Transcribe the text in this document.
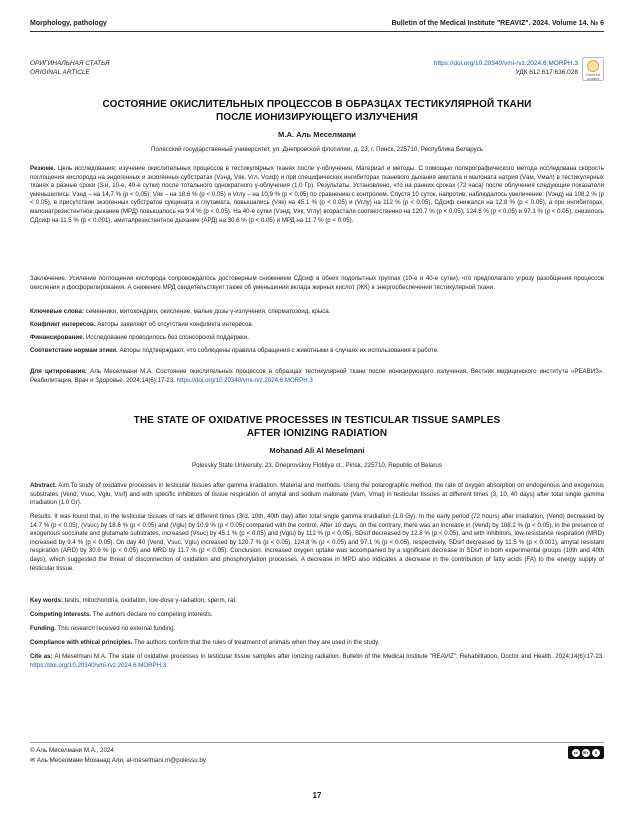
Morphology, pathology	Bulletin of the Medical Institute "REAVIZ". 2024. Volume 14. № 6
ОРИГИНАЛЬНАЯ СТАТЬЯ
ORIGINAL ARTICLE
https://doi.org/10.20340/vmi-rvz.2024.6.MORPH.3
УДК 612.617:636.028	Check for updates
СОСТОЯНИЕ ОКИСЛИТЕЛЬНЫХ ПРОЦЕССОВ В ОБРАЗЦАХ ТЕСТИКУЛЯРНОЙ ТКАНИ
ПОСЛЕ ИОНИЗИРУЮЩЕГО ИЗЛУЧЕНИЯ
М.А. Аль Меселмани
Полесский государственный университет, ул. Днепровской флотилии, д. 23, г. Пинск, 225710, Республика Беларусь

Резюме. Цель исследования: изучение окислительных процессов в тестикулярных тканях после γ-облучения. Материал и методы. С помощью полярографического метода исследована скорость поглощения кислорода на эндогенных и экзогенных субстратах (Vэнд, Vяк, Vгл, Vсиф) и при специфических ингибиторах тканевого дыхания амитала и малоната натрия (Vам, Vмал) в тестикулярных тканях в разные сроки (3-и, 10-е, 40-е сутки) после тотального однократного γ-облучения (1,0 Гр). Результаты. Установлено, что на ранних сроках (72 часа) после облучения следующие показатели уменьшились: Vэнд – на 14,7 % (p < 0,05); Vяк – на 18,6 % (p < 0,05) и Vглу – на 10,9 % (p < 0,05) по сравнению с контролем. Спустя 10 суток, напротив, наблюдалось увеличение: (Vэнд) на 108.2 % (p < 0.05), в присутствии экзогенных субстратов сукцината и глутамата, повышались (Vяк) на 45.1 % (p < 0.05) и (Vглу) на 112 % (p < 0.05), СДсиф снижался на 12.8 % (p < 0.05), а при ингибиторах, малонатрезистентное дыхание (МРД) повышалось на 9.4 % (p < 0.05). На 40-е сутки (Vэнд, Vяк, Vглу) возрастали соответственно на 120.7 % (p < 0.05), 124.8 % (p < 0.05) и 97.1 % (p < 0.05), снизилось СДсиф на 11.5 % (p < 0.001), амиталрезистентное дыхание (АРД) на 30.6 % (p < 0.05) и МРД на 11.7 % (p < 0.05).

Заключение. Усиление поглощения кислорода сопровождалось достоверным снижением СДсиф в обеих подопытных группах (10-е и 40-е сутки), что предполагало угрозу разобщения процессов окисления и фосфорилирования. А снижение МРД свидетельствует также об уменьшении вклада жирных кислот (ЖК) в энергообеспечении тестикулярной ткани.

Ключевые слова: семенники, митохондрии, окисление, малые дозы γ-излучения, сперматозоид, крыса.

Конфликт интересов. Авторы заявляют об отсутствии конфликта интересов.

Финансирование. Исследование проводилось без спонсорской поддержки.

Соответствие нормам этики. Авторы подтверждают, что соблюдены правила обращения с животными в случаях их использования в работе.

Для цитирования: Аль Меселмани М.А. Состояние окислительных процессов в образцах тестикулярной ткани после ионизирующего излучения. Вестник медицинского института «РЕАВИЗ»: Реабилитация, Врач и Здоровье. 2024;14(6):17-23. https://doi.org/10.20340/vmi-rvz.2024.6.MORPH.3

THE STATE OF OXIDATIVE PROCESSES IN TESTICULAR TISSUE SAMPLES
AFTER IONIZING RADIATION
Mohanad Ali Al Meselmani
Polessky State University, 23, Dneprovskoy Flotiliya st., Pinsk, 225710, Republic of Belarus

Abstract. Aim.To study of oxidative processes in testicular tissues after gamma irradiation. Material and methods. Using the polarographic method, the rate of oxygen absorption on endogenous and exogenous substrates (Vend, Vsuc, Vglu, Vsrf) and with specific inhibitors of tissue respiration of amytal and sodium malonate (Vam, Vmal) in testicular tissues at different times (3, 10, 40 days) after total single gamma irradiation (1.0 Gr).

Results. It was found that, in the testicular tissues of rats at different times (3rd, 10th, 40th day) after total single gamma irradiation (1.0 Gy). In the early period (72 hours) after irradiation, (Vend) decreased by 14.7 % (p < 0.05), (Vsuc) by 18.6 % (p < 0.05) and (Vglu) by 10.9 % (p < 0.05) compared with the control. After 10 days, on the contrary, there was an increase in (Vend) by 108.2 % (p < 0.05), in the presence of exogenous succinate and glutamate substrates, increased (Vsuc) by 45.1 % (p < 0.05) and (Vglu) by 112 % (p < 0.05), SDsrf decreased by 12.8 % (p < 0.05), and with inhibitors, low-resistance respiration (MRD) increased by 9.4 % (p < 0.05). On day 40 (Vend, Vsuc, Vglu) increased by 120.7 % (p < 0.05), 124.8 % (p < 0.05) and 97.1 % (p < 0.05), respectively, SDsrf decreased by 11.5 % (p < 0.001), amytal resistant respiration (ARD) by 30.6 % (p < 0.05) and MRD by 11.7 % (p < 0.05). Conclusion. Increased oxygen uptake was accompanied by a significant decrease in SDsrf in both experimental groups (10th and 40th days), which suggested the threat of disconnection of oxidation and phosphorylation processes. A decrease in MPD also indicates a decrease in the contribution of fatty acids (FA) to the energy supply of testicular tissue.

Key words: testis, mitochondria, oxidation, low-dose γ-radiation, sperm, rat.

Competing interests. The authors declare no competing interests.

Funding. This research received no external funding.

Compliance with ethical principles. The authors confirm that the rules of treatment of animals when they are used in the study.

Cite as: Al Meselmani M.A. The state of oxidative processes in testicular tissue samples after ionizing radiation. Bulletin of the Medical Institute "REAVIZ": Rehabilitation, Doctor and Health. 2024;14(6):17-23. https://doi.org/10.20340/vmi-rvz.2024.6.MORPH.3

© Аль Меселмани М.А., 2024
✉ Аль Меселмани Моханад Али, al-meselmani.m@polessu.by
cc	BY	$
17
